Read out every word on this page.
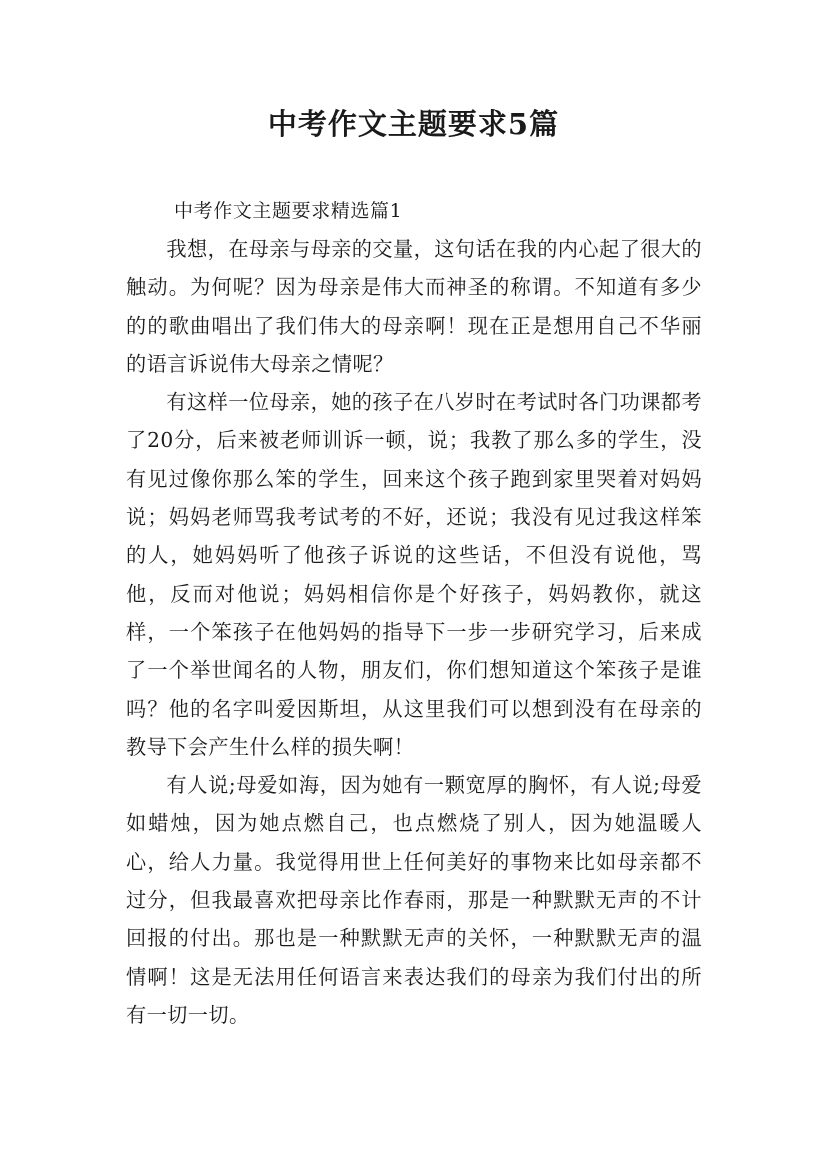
中考作文主题要求5篇

中考作文主题要求精选篇1

我想，在母亲与母亲的交量，这句话在我的内心起了很大的触动。为何呢？因为母亲是伟大而神圣的称谓。不知道有多少的的歌曲唱出了我们伟大的母亲啊！现在正是想用自己不华丽的语言诉说伟大母亲之情呢？

有这样一位母亲，她的孩子在八岁时在考试时各门功课都考了20分，后来被老师训诉一顿，说；我教了那么多的学生，没有见过像你那么笨的学生，回来这个孩子跑到家里哭着对妈妈说；妈妈老师骂我考试考的不好，还说；我没有见过我这样笨的人，她妈妈听了他孩子诉说的这些话，不但没有说他，骂他，反而对他说；妈妈相信你是个好孩子，妈妈教你，就这样，一个笨孩子在他妈妈的指导下一步一步研究学习，后来成了一个举世闻名的人物，朋友们，你们想知道这个笨孩子是谁吗？他的名字叫爱因斯坦，从这里我们可以想到没有在母亲的教导下会产生什么样的损失啊！

有人说;母爱如海，因为她有一颗宽厚的胸怀，有人说;母爱如蜡烛，因为她点燃自己，也点燃烧了别人，因为她温暖人心，给人力量。我觉得用世上任何美好的事物来比如母亲都不过分，但我最喜欢把母亲比作春雨，那是一种默默无声的不计回报的付出。那也是一种默默无声的关怀，一种默默无声的温情啊！这是无法用任何语言来表达我们的母亲为我们付出的所有一切一切。
